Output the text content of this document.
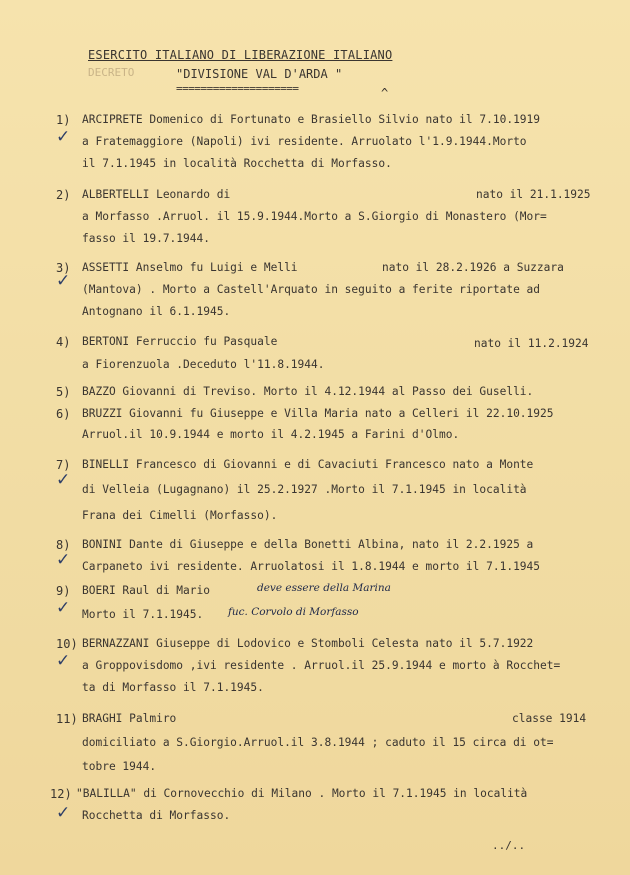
ESERCITO ITALIANO DI LIBERAZIONE ITALIANO
DECRETO	"DIVISIONE VAL D'ARDA "
====================	^
1) ARCIPRETE Domenico di Fortunato e Brasiello Silvio nato il 7.10.1919
a Fratemaggiore (Napoli) ivi residente. Arruolato l'1.9.1944.Morto
il 7.1.1945 in località Rocchetta di Morfasso.
✓
2) ALBERTELLI Leonardo di	nato il 21.1.1925
a Morfasso .Arruol. il 15.9.1944.Morto a S.Giorgio di Monastero (Mor=
fasso il 19.7.1944.
3) ASSETTI Anselmo fu Luigi e Melli	nato il 28.2.1926 a Suzzara
(Mantova) . Morto a Castell'Arquato in seguito a ferite riportate ad
Antognano il 6.1.1945.
✓
4) BERTONI Ferruccio fu Pasquale	nato il 11.2.1924
a Fiorenzuola .Deceduto l'11.8.1944.
5) BAZZO Giovanni di Treviso. Morto il 4.12.1944 al Passo dei Guselli.
6) BRUZZI Giovanni fu Giuseppe e Villa Maria nato a Celleri il 22.10.1925
Arruol.il 10.9.1944 e morto il 4.2.1945 a Farini d'Olmo.
7) BINELLI Francesco di Giovanni e di Cavaciuti Francesco nato a Monte
di Velleia (Lugagnano) il 25.2.1927 .Morto il 7.1.1945 in località
Frana dei Cimelli (Morfasso).
✓
8) BONINI Dante di Giuseppe e della Bonetti Albina, nato il 2.2.1925 a
Carpaneto ivi residente. Arruolatosi il 1.8.1944 e morto il 7.1.1945
✓
9) BOERI Raul di Mario	deve essere della Marina
Morto il 7.1.1945. fuc. Corvolo di Morfasso
✓
10) BERNAZZANI Giuseppe di Lodovico e Stomboli Celesta nato il 5.7.1922
a Groppovisdomo ,ivi residente . Arruol.il 25.9.1944 e morto à Rocchet=
ta di Morfasso il 7.1.1945.
✓
11) BRAGHI Palmiro	classe 1914
domiciliato a S.Giorgio.Arruol.il 3.8.1944 ; caduto il 15 circa di ot=
tobre 1944.
12) "BALILLA" di Cornovecchio di Milano . Morto il 7.1.1945 in località
Rocchetta di Morfasso.
✓
../..
